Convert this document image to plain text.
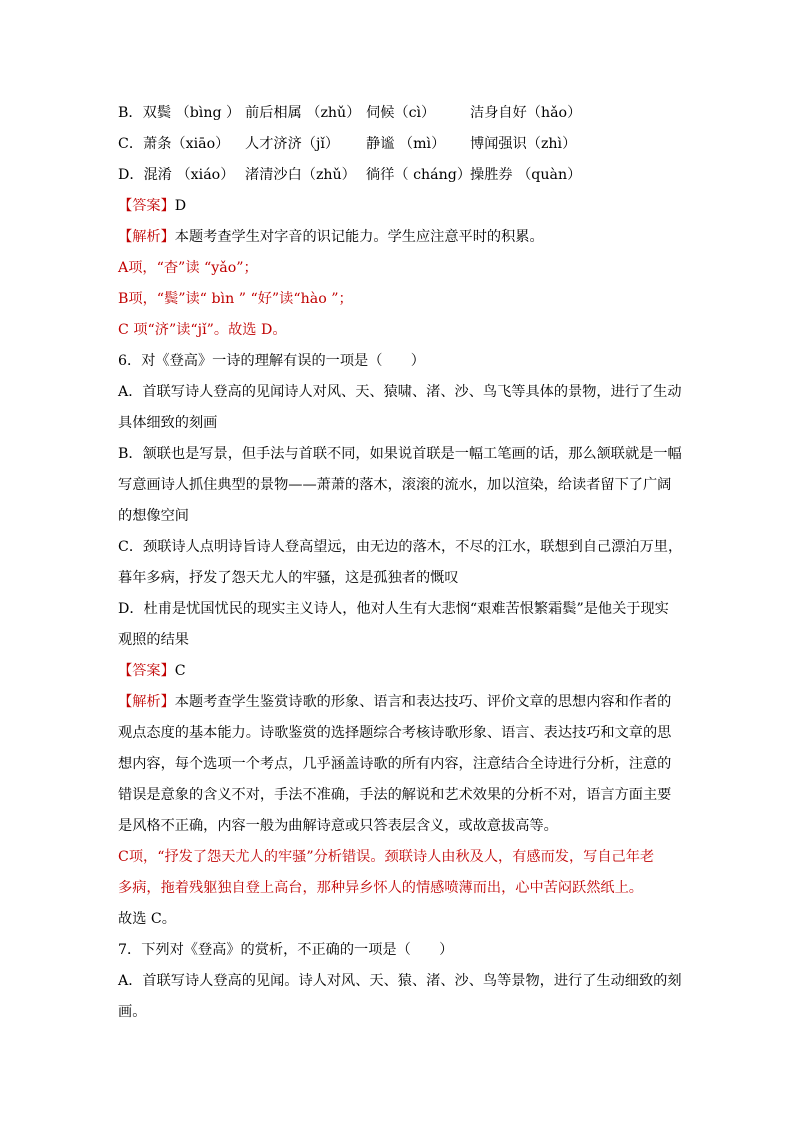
B．双鬓 （bìng ） 前后相属 （zhǔ） 伺候（cì） 洁身自好（hǎo）
C．萧条（xiāo） 人才济济（jǐ） 静谧 （mì） 博闻强识（zhì）
D．混淆 （xiáo） 渚清沙白（zhǔ） 徜徉（ cháng）
操胜券 （quàn）
【答案】D
【解析】本题考查学生对字音的识记能力。学生应注意平时的积累。
A项，“杳”读 “yǎo”；
B项，“鬓”读“ bìn ” “好”读“hào ”；
C 项“济”读“jǐ”。故选 D。
6．对《登高》一诗的理解有误的一项是（　　）
A．首联写诗人登高的见闻诗人对风、天、猿啸、渚、沙、鸟飞等具体的景物，进行了生动
具体细致的刻画
B．颔联也是写景，但手法与首联不同，如果说首联是一幅工笔画的话，那么颔联就是一幅
写意画诗人抓住典型的景物——萧萧的落木，滚滚的流水，加以渲染，给读者留下了广阔
的想像空间
C．颈联诗人点明诗旨诗人登高望远，由无边的落木，不尽的江水，联想到自己漂泊万里，
暮年多病，抒发了怨天尤人的牢骚，这是孤独者的慨叹
D．杜甫是忧国忧民的现实主义诗人，他对人生有大悲悯“艰难苦恨繁霜鬓”是他关于现实
观照的结果
【答案】C
【解析】本题考查学生鉴赏诗歌的形象、语言和表达技巧、评价文章的思想内容和作者的
观点态度的基本能力。诗歌鉴赏的选择题综合考核诗歌形象、语言、表达技巧和文章的思
想内容，每个选项一个考点，几乎涵盖诗歌的所有内容，注意结合全诗进行分析，注意的
错误是意象的含义不对，手法不准确，手法的解说和艺术效果的分析不对，语言方面主要
是风格不正确，内容一般为曲解诗意或只答表层含义，或故意拔高等。
C项，“抒发了怨天尤人的牢骚”分析错误。颈联诗人由秋及人，有感而发，写自己年老
多病，拖着残躯独自登上高台，那种异乡怀人的情感喷薄而出，心中苦闷跃然纸上。
故选 C。
7．下列对《登高》的赏析，不正确的一项是（　　）
A．首联写诗人登高的见闻。诗人对风、天、猿、渚、沙、鸟等景物，进行了生动细致的刻
画。
